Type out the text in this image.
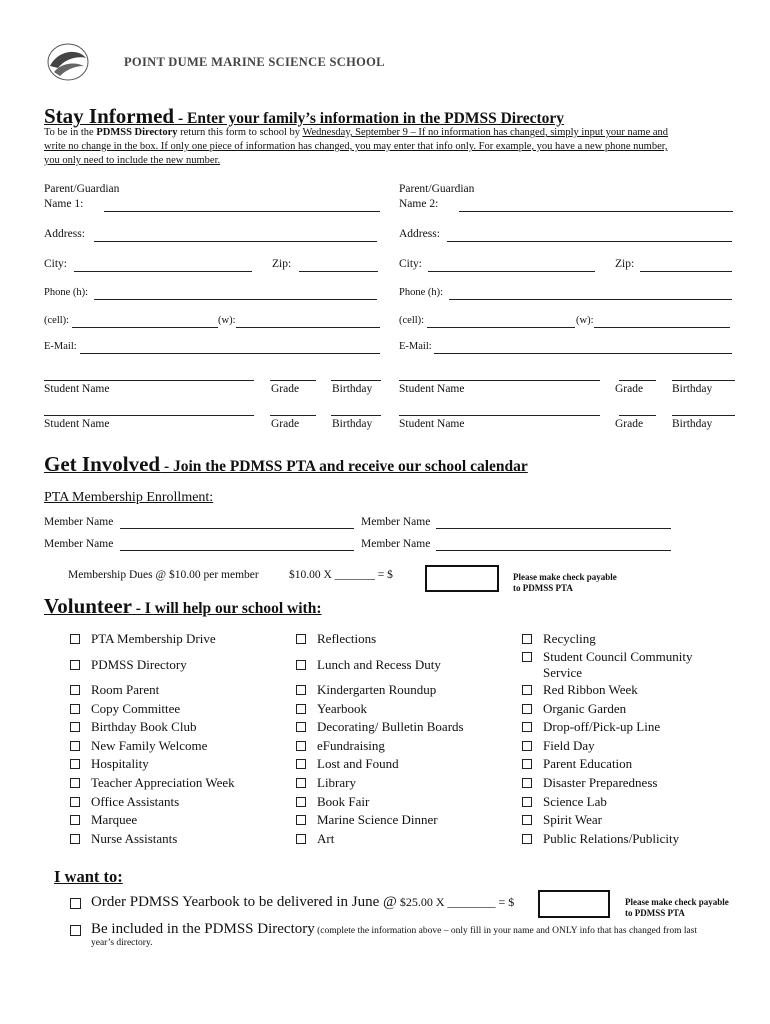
POINT DUME MARINE SCIENCE SCHOOL
Stay Informed - Enter your family’s information in the PDMSS Directory
To be in the PDMSS Directory return this form to school by Wednesday, September 9 – If no information has changed, simply input your name and
write no change in the box. If only one piece of information has changed, you may enter that info only. For example, you have a new phone number,
you only need to include the new number.
Parent/Guardian
Name 1:
Address:
City:	Zip:
Phone (h):
(cell):	(w):
E-Mail:
Parent/Guardian
Name 2:
Address:
City:	Zip:
Phone (h):
(cell):	(w):
E-Mail:
Student Name	Grade	Birthday Student Name	Grade	Birthday
Student Name	Grade	Birthday Student Name	Grade	Birthday
Get Involved - Join the PDMSS PTA and receive our school calendar
PTA Membership Enrollment:
Member Name	Member Name
Member Name	Member Name
Membership Dues @ $10.00 per member	$10.00 X _______ = $	Please make check payable
to PDMSS PTA
Volunteer - I will help our school with:
PTA Membership Drive
PDMSS Directory
Room Parent
Copy Committee
Birthday Book Club
New Family Welcome
Hospitality
Teacher Appreciation Week
Office Assistants
Marquee
Nurse Assistants
Reflections
Lunch and Recess Duty
Kindergarten Roundup
Yearbook
Decorating/ Bulletin Boards
eFundraising
Lost and Found
Library
Book Fair
Marine Science Dinner
Art
Recycling
Student Council Community
Service
Red Ribbon Week
Organic Garden
Drop-off/Pick-up Line
Field Day
Parent Education
Disaster Preparedness
Science Lab
Spirit Wear
Public Relations/Publicity
I want to:
Order PDMSS Yearbook to be delivered in June @ $25.00 X ________ = $	Please make check payable
to PDMSS PTA
Be included in the PDMSS Directory (complete the information above – only fill in your name and ONLY info that has changed from last
year’s directory.
